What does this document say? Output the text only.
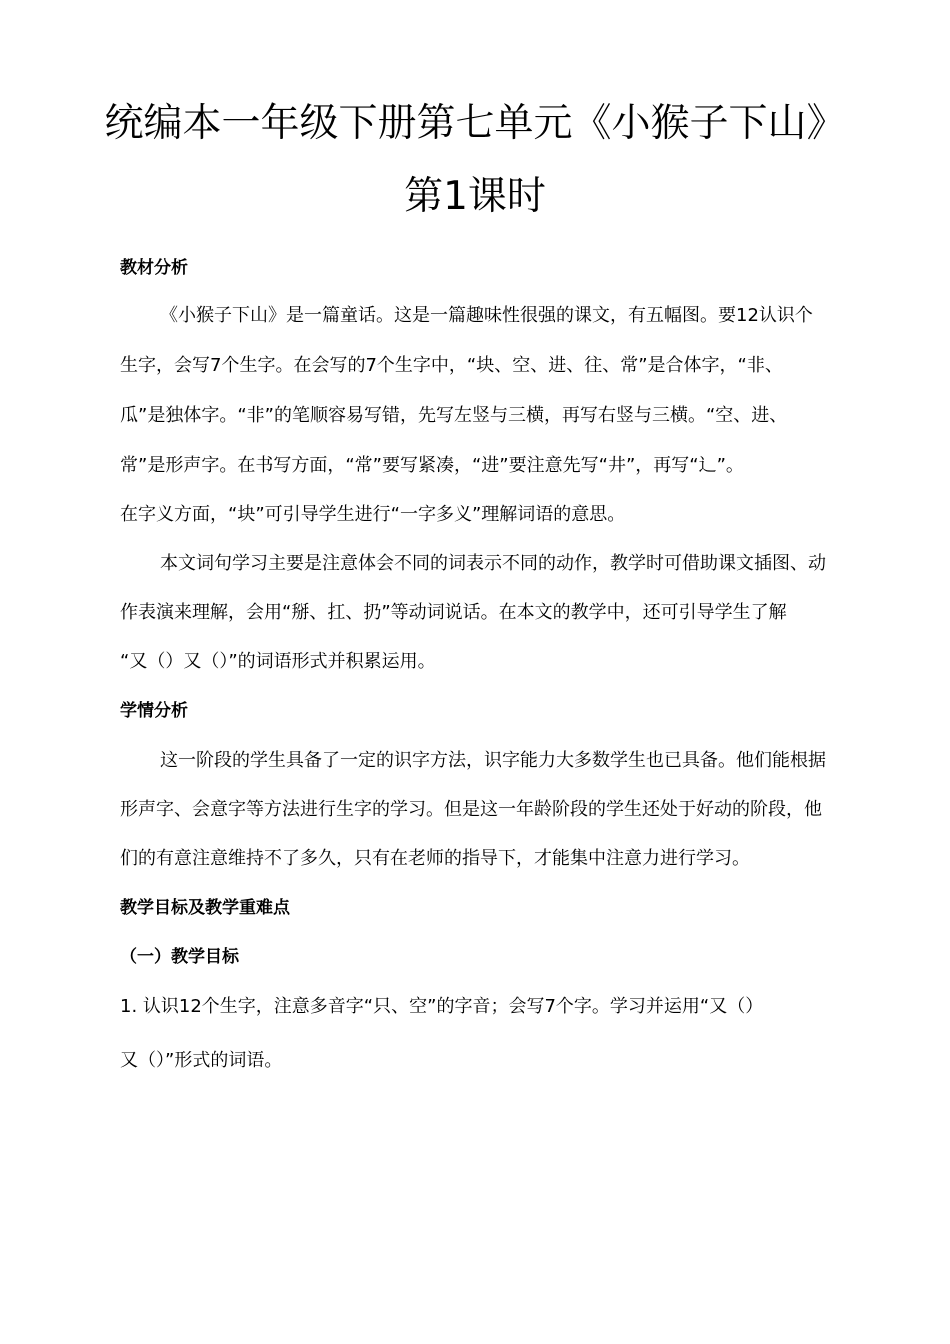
统编本一年级下册第七单元《小猴子下山》
第1课时
教材分析
《小猴子下山》是一篇童话。这是一篇趣味性很强的课文，有五幅图。要12认识个
生字，会写7个生字。在会写的7个生字中，“块、空、进、往、常”是合体字，“非、
瓜”是独体字。“非”的笔顺容易写错，先写左竖与三横，再写右竖与三横。“空、进、
常”是形声字。在书写方面，“常”要写紧凑，“进”要注意先写“井”，再写“辶”。
在字义方面，“块”可引导学生进行“一字多义”理解词语的意思。
本文词句学习主要是注意体会不同的词表示不同的动作，教学时可借助课文插图、动
作表演来理解，会用“掰、扛、扔”等动词说话。在本文的教学中，还可引导学生了解
“又（）又（）”的词语形式并积累运用。
学情分析
这一阶段的学生具备了一定的识字方法，识字能力大多数学生也已具备。他们能根据
形声字、会意字等方法进行生字的学习。但是这一年龄阶段的学生还处于好动的阶段，他
们的有意注意维持不了多久，只有在老师的指导下，才能集中注意力进行学习。
教学目标及教学重难点
（一）教学目标
1. 认识12个生字，注意多音字“只、空”的字音；会写7个字。学习并运用“又（）
又（）”形式的词语。
